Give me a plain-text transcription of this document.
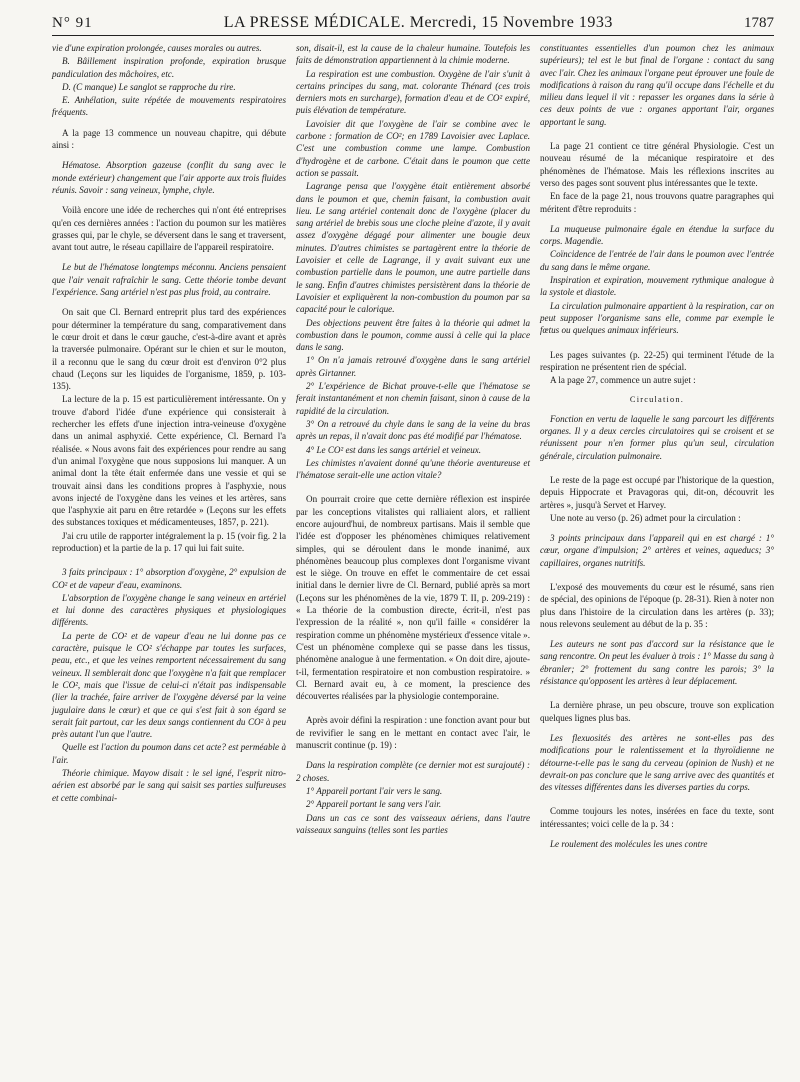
N° 91	LA PRESSE MÉDICALE. Mercredi, 15 Novembre 1933	1787

vie d'une expiration prolongée, causes morales ou autres.

B. Bâillement inspiration profonde, expiration brusque pandiculation des mâchoires, etc.

D. (C manque) Le sanglot se rapproche du rire.

E. Anhélation, suite répétée de mouvements respiratoires fréquents.

A la page 13 commence un nouveau chapitre, qui débute ainsi :

Hématose. Absorption gazeuse (conflit du sang avec le monde extérieur) changement que l'air apporte aux trois fluides réunis. Savoir : sang veineux, lymphe, chyle.

Voilà encore une idée de recherches qui n'ont été entreprises qu'en ces dernières années : l'action du poumon sur les matières grasses qui, par le chyle, se déversent dans le sang et traversent, avant tout autre, le réseau capillaire de l'appareil respiratoire.

Le but de l'hématose longtemps méconnu. Anciens pensaient que l'air venait rafraîchir le sang. Cette théorie tombe devant l'expérience. Sang artériel n'est pas plus froid, au contraire.

On sait que Cl. Bernard entreprit plus tard des expériences pour déterminer la température du sang, comparativement dans le cœur droit et dans le cœur gauche, c'est-à-dire avant et après la traversée pulmonaire. Opérant sur le chien et sur le mouton, il a reconnu que le sang du cœur droit est d'environ 0°2 plus chaud (Leçons sur les liquides de l'organisme, 1859, p. 103-135).

La lecture de la p. 15 est particulièrement intéressante. On y trouve d'abord l'idée d'une expérience qui consisterait à rechercher les effets d'une injection intra-veineuse d'oxygène dans un animal asphyxié. Cette expérience, Cl. Bernard l'a réalisée. « Nous avons fait des expériences pour rendre au sang d'un animal l'oxygène que nous supposions lui manquer. A un animal dont la tête était enfermée dans une vessie et qui se trouvait ainsi dans les conditions propres à l'asphyxie, nous avons injecté de l'oxygène dans les veines et les artères, sans que l'asphyxie ait paru en être retardée » (Leçons sur les effets des substances toxiques et médicamenteuses, 1857, p. 221).

J'ai cru utile de rapporter intégralement la p. 15 (voir fig. 2 la reproduction) et la partie de la p. 17 qui lui fait suite.

3 faits principaux : 1° absorption d'oxygène, 2° expulsion de CO² et de vapeur d'eau, examinons.

L'absorption de l'oxygène change le sang veineux en artériel et lui donne des caractères physiques et physiologiques différents.

La perte de CO² et de vapeur d'eau ne lui donne pas ce caractère, puisque le CO² s'échappe par toutes les surfaces, peau, etc., et que les veines remportent nécessairement du sang veineux. Il semblerait donc que l'oxygène n'a fait que remplacer le CO², mais que l'issue de celui-ci n'était pas indispensable (lier la trachée, faire arriver de l'oxygène déversé par la veine jugulaire dans le cœur) et que ce qui s'est fait à son égard se serait fait partout, car les deux sangs contiennent du CO² à peu près autant l'un que l'autre.

Quelle est l'action du poumon dans cet acte? est perméable à l'air.

Théorie chimique. Mayow disait : le sel igné, l'esprit nitro-aérien est absorbé par le sang qui saisit ses parties sulfureuses et cette combinai-

son, disait-il, est la cause de la chaleur humaine. Toutefois les faits de démonstration appartiennent à la chimie moderne.

La respiration est une combustion. Oxygène de l'air s'unit à certains principes du sang, mat. colorante Thénard (ces trois derniers mots en surcharge), formation d'eau et de CO² expiré, puis élévation de température.

Lavoisier dit que l'oxygène de l'air se combine avec le carbone : formation de CO²; en 1789 Lavoisier avec Laplace. C'est une combustion comme une lampe. Combustion d'hydrogène et de carbone. C'était dans le poumon que cette action se passait.

Lagrange pensa que l'oxygène était entièrement absorbé dans le poumon et que, chemin faisant, la combustion avait lieu. Le sang artériel contenait donc de l'oxygène (placer du sang artériel de brebis sous une cloche pleine d'azote, il y avait assez d'oxygène dégagé pour alimenter une bougie deux minutes. D'autres chimistes se partagèrent entre la théorie de Lavoisier et celle de Lagrange, il y avait suivant eux une combustion partielle dans le poumon, une autre partielle dans le sang. Enfin d'autres chimistes persistèrent dans la théorie de Lavoisier et expliquèrent la non-combustion du poumon par sa capacité pour le calorique.

Des objections peuvent être faites à la théorie qui admet la combustion dans le poumon, comme aussi à celle qui la place dans le sang.

1° On n'a jamais retrouvé d'oxygène dans le sang artériel après Girtanner.

2° L'expérience de Bichat prouve-t-elle que l'hématose se ferait instantanément et non chemin faisant, sinon à cause de la rapidité de la circulation.

3° On a retrouvé du chyle dans le sang de la veine du bras après un repas, il n'avait donc pas été modifié par l'hématose.

4° Le CO² est dans les sangs artériel et veineux.

Les chimistes n'avaient donné qu'une théorie aventureuse et l'hématose serait-elle une action vitale?

On pourrait croire que cette dernière réflexion est inspirée par les conceptions vitalistes qui ralliaient alors, et rallient encore aujourd'hui, de nombreux partisans. Mais il semble que l'idée est d'opposer les phénomènes chimiques relativement simples, qui se déroulent dans le monde inanimé, aux phénomènes beaucoup plus complexes dont l'organisme vivant est le siège. On trouve en effet le commentaire de cet essai initial dans le dernier livre de Cl. Bernard, publié après sa mort (Leçons sur les phénomènes de la vie, 1879 T. II, p. 209-219) : « La théorie de la combustion directe, écrit-il, n'est pas l'expression de la réalité », non qu'il faille « considérer la respiration comme un phénomène mystérieux d'essence vitale ». C'est un phénomène complexe qui se passe dans les tissus, phénomène analogue à une fermentation. « On doit dire, ajoute-t-il, fermentation respiratoire et non combustion respiratoire. » Cl. Bernard avait eu, à ce moment, la prescience des découvertes réalisées par la physiologie contemporaine.

Après avoir défini la respiration : une fonction avant pour but de revivifier le sang en le mettant en contact avec l'air, le manuscrit continue (p. 19) :

Dans la respiration complète (ce dernier mot est surajouté) : 2 choses.

1° Appareil portant l'air vers le sang.

2° Appareil portant le sang vers l'air.

Dans un cas ce sont des vaisseaux aériens, dans l'autre vaisseaux sanguins (telles sont les parties

constituantes essentielles d'un poumon chez les animaux supérieurs); tel est le but final de l'organe : contact du sang avec l'air. Chez les animaux l'organe peut éprouver une foule de modifications à raison du rang qu'il occupe dans l'échelle et du milieu dans lequel il vit : repasser les organes dans la série à ces deux points de vue : organes apportant l'air, organes apportant le sang.

La page 21 contient ce titre général Physiologie. C'est un nouveau résumé de la mécanique respiratoire et des phénomènes de l'hématose. Mais les réflexions inscrites au verso des pages sont souvent plus intéressantes que le texte.

En face de la page 21, nous trouvons quatre paragraphes qui méritent d'être reproduits :

La muqueuse pulmonaire égale en étendue la surface du corps. Magendie.

Coïncidence de l'entrée de l'air dans le poumon avec l'entrée du sang dans le même organe.

Inspiration et expiration, mouvement rythmique analogue à la systole et diastole.

La circulation pulmonaire appartient à la respiration, car on peut supposer l'organisme sans elle, comme par exemple le fœtus ou quelques animaux inférieurs.

Les pages suivantes (p. 22-25) qui terminent l'étude de la respiration ne présentent rien de spécial.

A la page 27, commence un autre sujet :

Circulation.

Fonction en vertu de laquelle le sang parcourt les différents organes. Il y a deux cercles circulatoires qui se croisent et se réunissent pour n'en former plus qu'un seul, circulation générale, circulation pulmonaire.

Le reste de la page est occupé par l'historique de la question, depuis Hippocrate et Pravagoras qui, dit-on, découvrit les artères », jusqu'à Servet et Harvey.

Une note au verso (p. 26) admet pour la circulation :

3 points principaux dans l'appareil qui en est chargé : 1° cœur, organe d'impulsion; 2° artères et veines, aqueducs; 3° capillaires, organes nutritifs.

L'exposé des mouvements du cœur est le résumé, sans rien de spécial, des opinions de l'époque (p. 28-31). Rien à noter non plus dans l'histoire de la circulation dans les artères (p. 33); nous relevons seulement au début de la p. 35 :

Les auteurs ne sont pas d'accord sur la résistance que le sang rencontre. On peut les évaluer à trois : 1° Masse du sang à ébranler; 2° frottement du sang contre les parois; 3° la résistance qu'opposent les artères à leur déplacement.

La dernière phrase, un peu obscure, trouve son explication quelques lignes plus bas.

Les flexuosités des artères ne sont-elles pas des modifications pour le ralentissement et la thyroïdienne ne détourne-t-elle pas le sang du cerveau (opinion de Nush) et ne devrait-on pas conclure que le sang arrive avec des quantités et des vitesses différentes dans les diverses parties du corps.

Comme toujours les notes, insérées en face du texte, sont intéressantes; voici celle de la p. 34 :

Le roulement des molécules les unes contre
